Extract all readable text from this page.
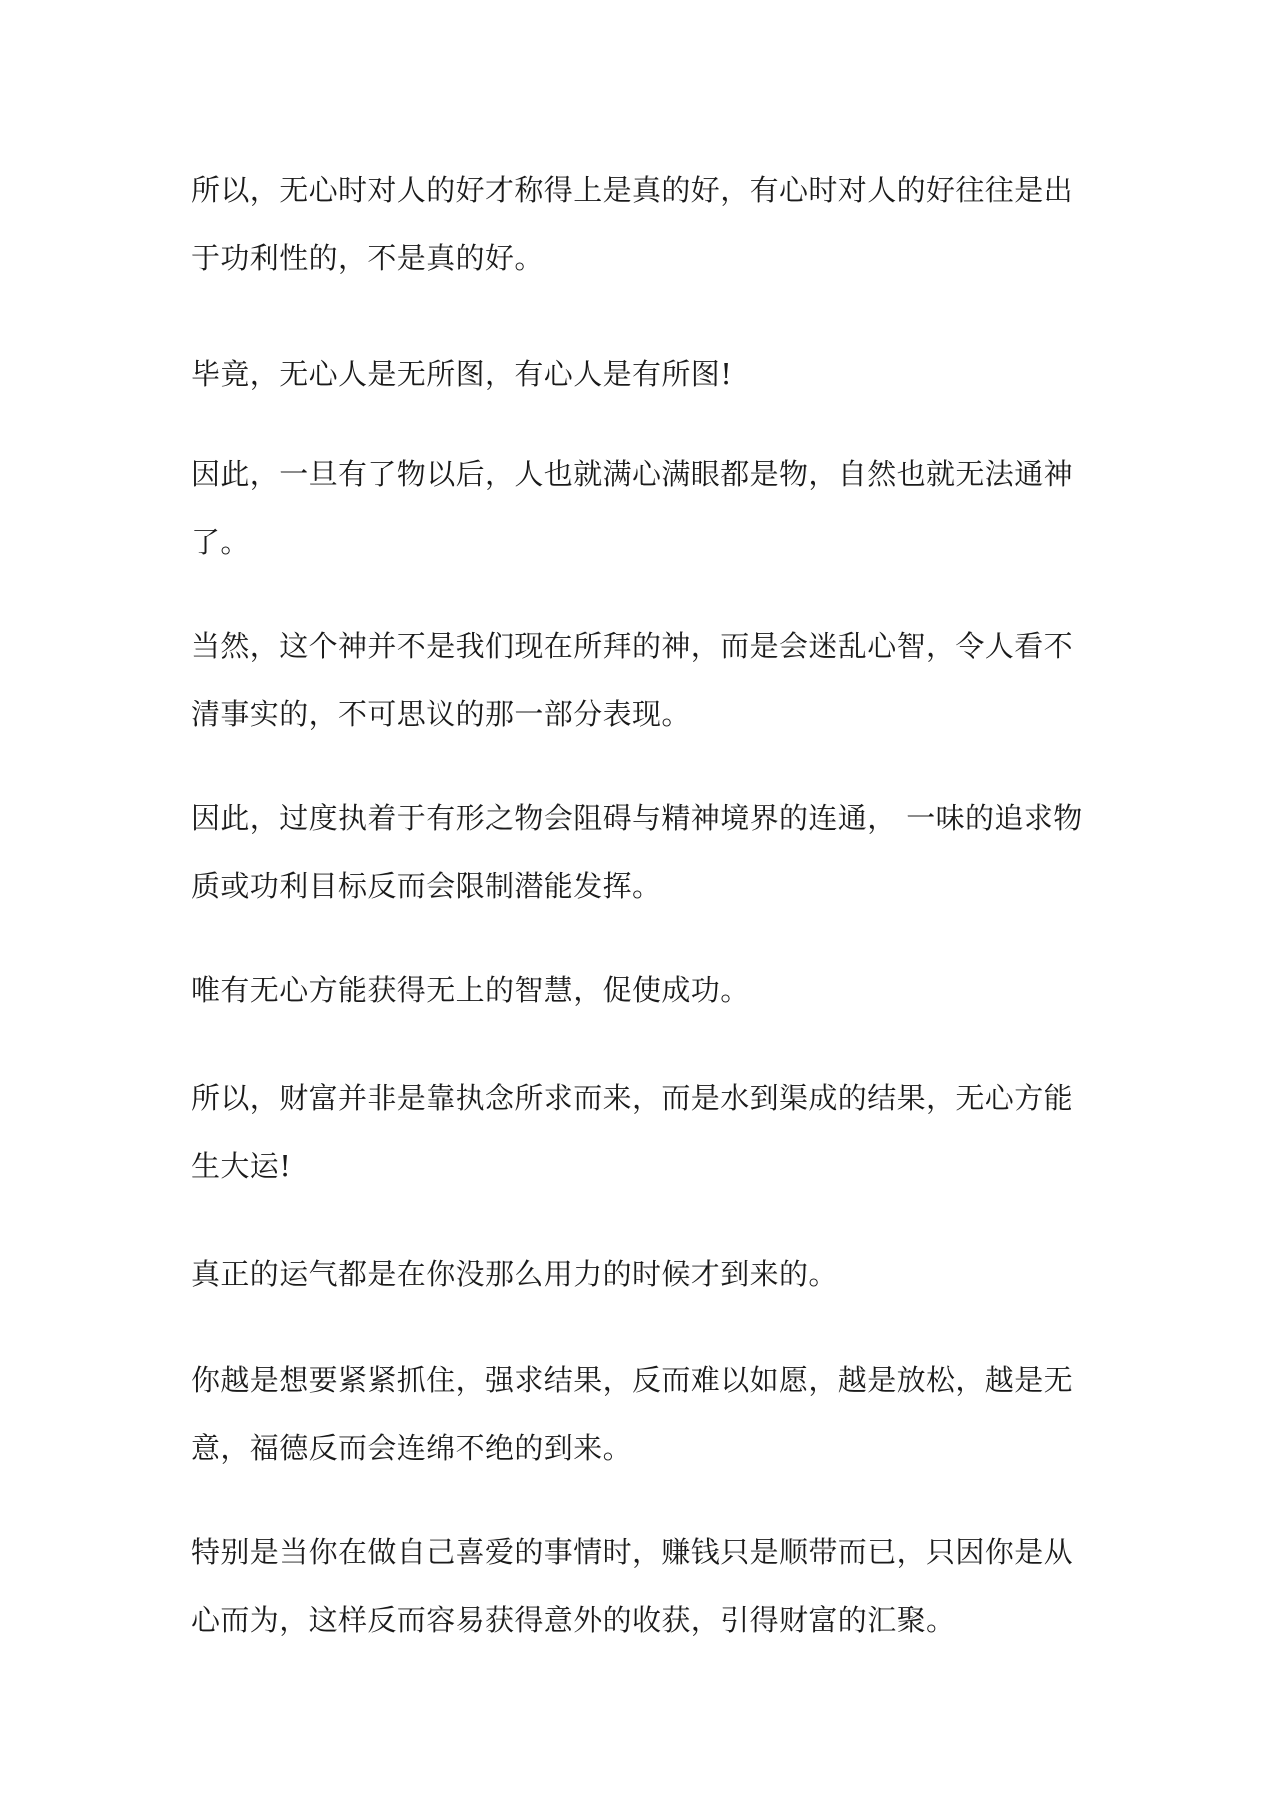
所以，无心时对人的好才称得上是真的好，有心时对人的好往往是出
于功利性的，不是真的好。

毕竟，无心人是无所图，有心人是有所图!

因此，一旦有了物以后，人也就满心满眼都是物，自然也就无法通神
了。

当然，这个神并不是我们现在所拜的神，而是会迷乱心智，令人看不
清事实的，不可思议的那一部分表现。

因此，过度执着于有形之物会阻碍与精神境界的连通， 一味的追求物
质或功利目标反而会限制潜能发挥。

唯有无心方能获得无上的智慧，促使成功。

所以，财富并非是靠执念所求而来，而是水到渠成的结果，无心方能
生大运!

真正的运气都是在你没那么用力的时候才到来的。

你越是想要紧紧抓住，强求结果，反而难以如愿，越是放松，越是无
意，福德反而会连绵不绝的到来。

特别是当你在做自己喜爱的事情时，赚钱只是顺带而已，只因你是从
心而为，这样反而容易获得意外的收获，引得财富的汇聚。
